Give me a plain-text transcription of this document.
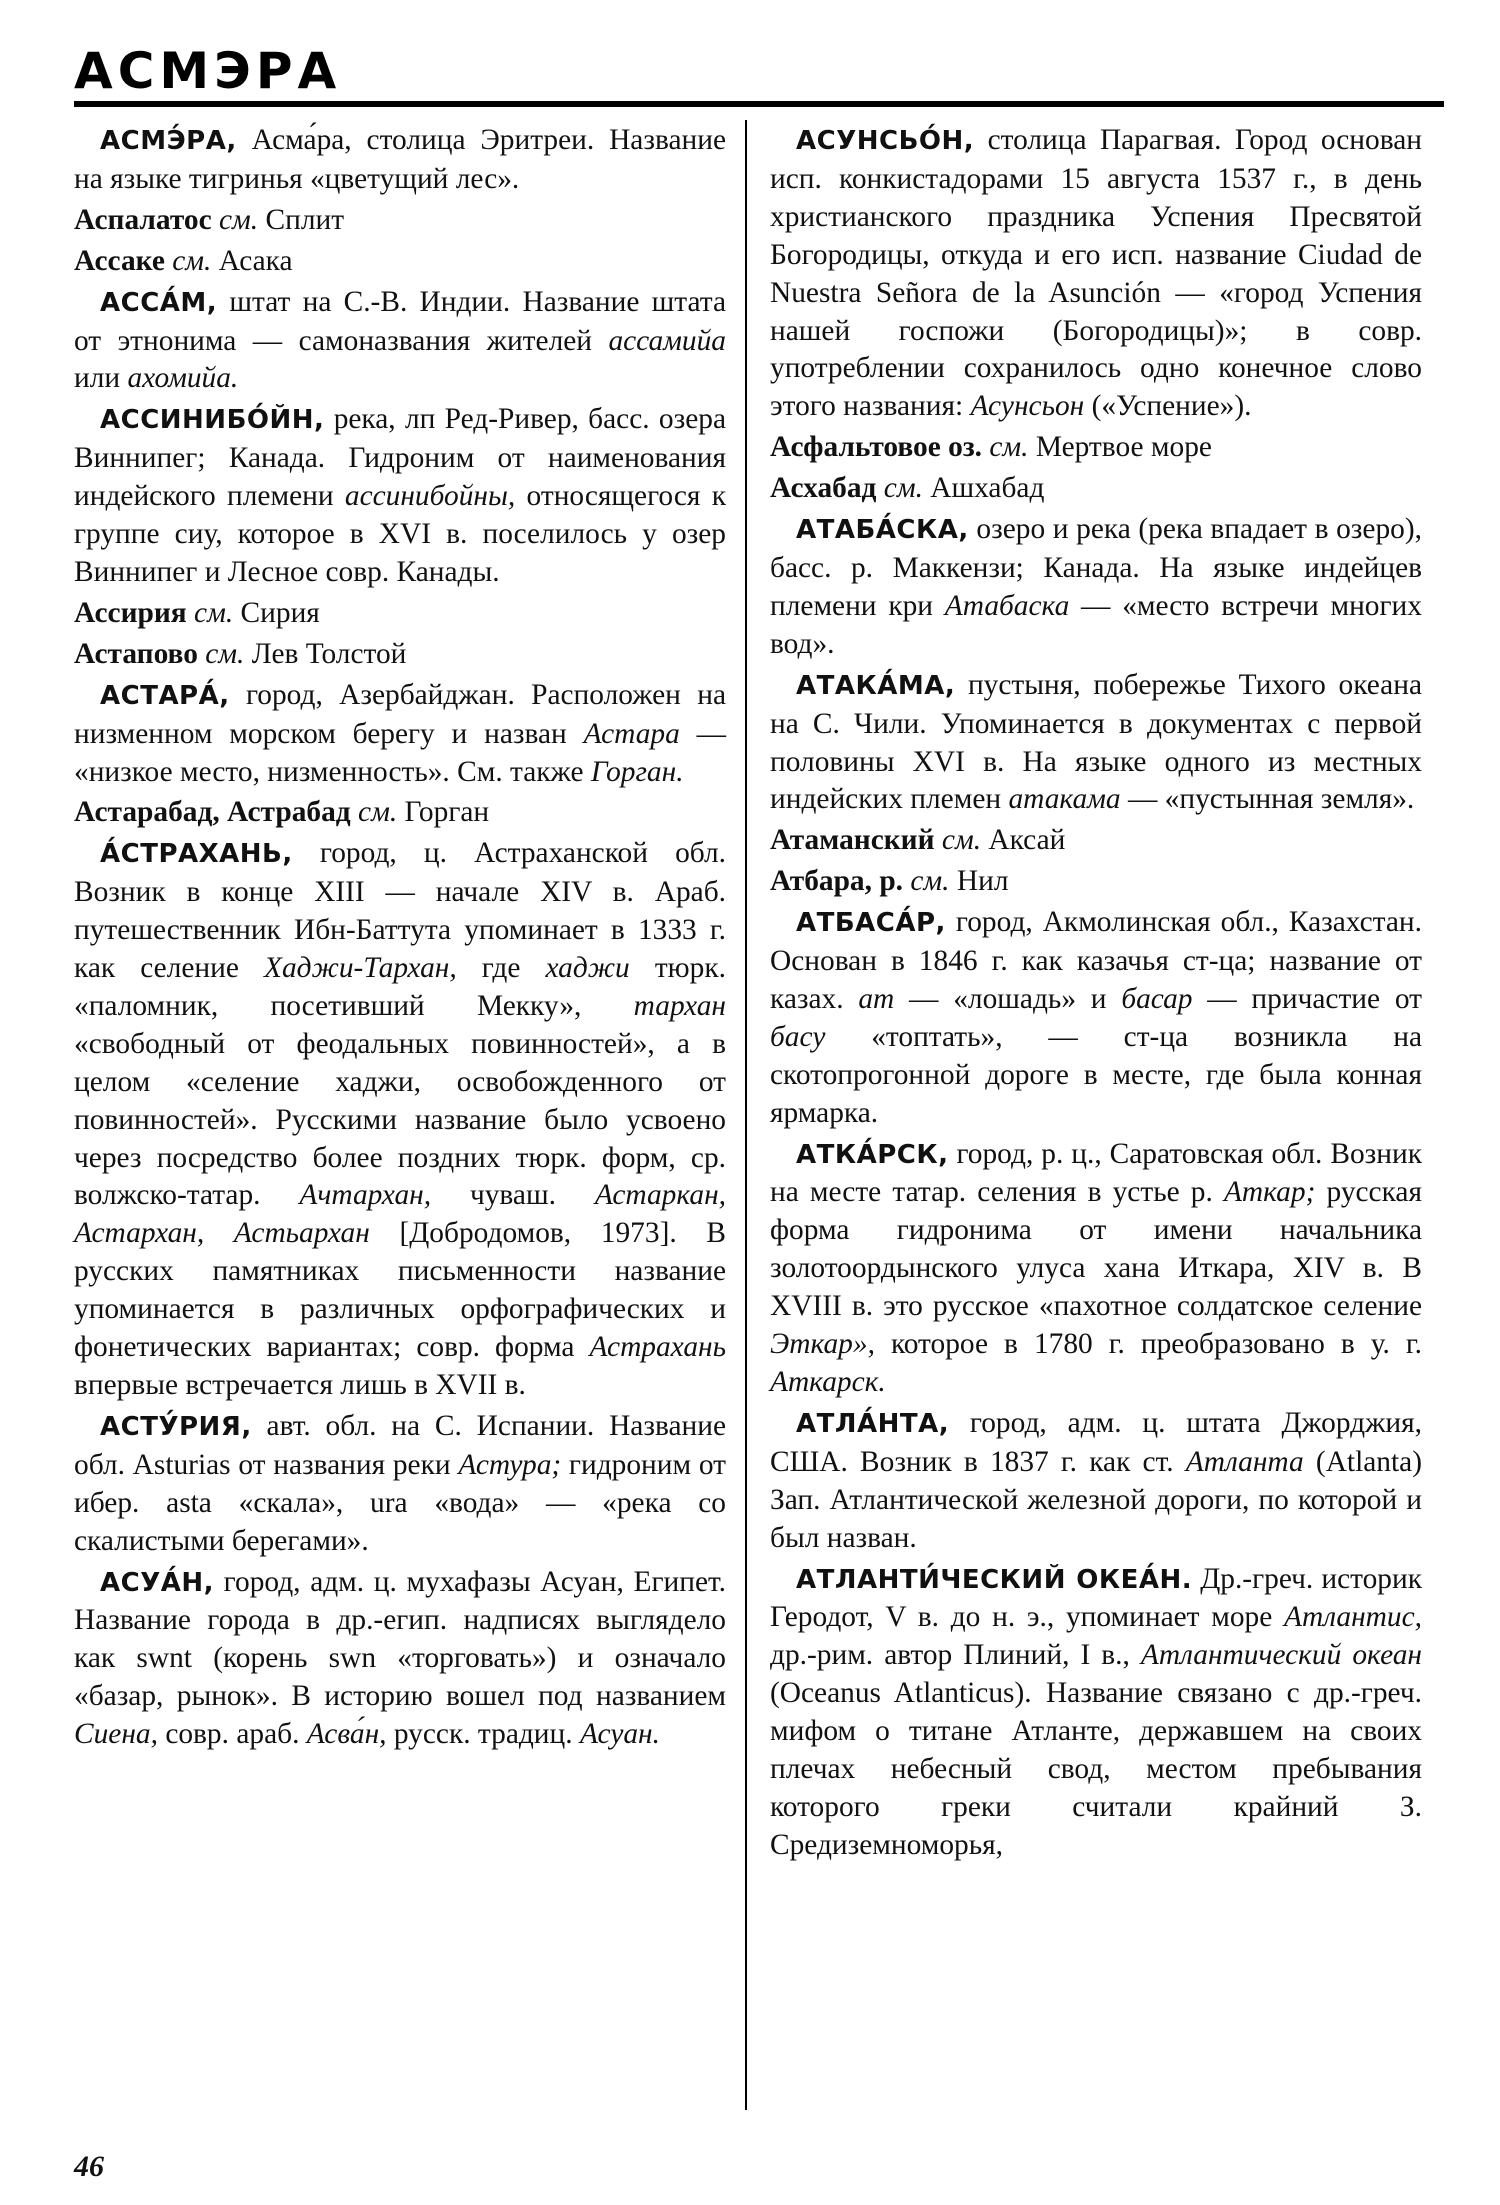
АСМЭРА

АСМЭ́РА, Асма́ра, столица Эритреи. Название на языке тигринья «цветущий лес».

Аспалатос см. Сплит

Ассаке см. Асака

АССА́М, штат на С.-В. Индии. Название штата от этнонима — самоназвания жителей ассамийа или ахомийа.

АССИНИБО́ЙН, река, лп Ред-Ривер, басс. озера Виннипег; Канада. Гидроним от наименования индейского племени ассинибойны, относящегося к группе сиу, которое в XVI в. поселилось у озер Виннипег и Лесное совр. Канады.

Ассирия см. Сирия

Астапово см. Лев Толстой

АСТАРА́, город, Азербайджан. Расположен на низменном морском берегу и назван Астара — «низкое место, низменность». См. также Горган.

Астарабад, Астрабад см. Горган

А́СТРАХАНЬ, город, ц. Астраханской обл. Возник в конце XIII — начале XIV в. Араб. путешественник Ибн-Баттута упоминает в 1333 г. как селение Хаджи-Тархан, где хаджи тюрк. «паломник, посетивший Мекку», тархан «свободный от феодальных повинностей», а в целом «селение хаджи, освобожденного от повинностей». Русскими название было усвоено через посредство более поздних тюрк. форм, ср. волжско-татар. Ачтархан, чуваш. Астаркан, Астархан, Астьархан [Добродомов, 1973]. В русских памятниках письменности название упоминается в различных орфографических и фонетических вариантах; совр. форма Астрахань впервые встречается лишь в XVII в.

АСТУ́РИЯ, авт. обл. на С. Испании. Название обл. Asturias от названия реки Астура; гидроним от ибер. asta «скала», ura «вода» — «река со скалистыми берегами».

АСУА́Н, город, адм. ц. мухафазы Асуан, Египет. Название города в др.-егип. надписях выглядело как swnt (корень swn «торговать») и означало «базар, рынок». В историю вошел под названием Сиена, совр. араб. Асва́н, русск. традиц. Асуан.

АСУНСЬО́Н, столица Парагвая. Город основан исп. конкистадорами 15 августа 1537 г., в день христианского праздника Успения Пресвятой Богородицы, откуда и его исп. название Ciudad de Nuestra Señora de la Asunción — «город Успения нашей госпожи (Богородицы)»; в совр. употреблении сохранилось одно конечное слово этого названия: Асунсьон («Успение»).

Асфальтовое оз. см. Мертвое море

Асхабад см. Ашхабад

АТАБА́СКА, озеро и река (река впадает в озеро), басс. р. Маккензи; Канада. На языке индейцев племени кри Атабаска — «место встречи многих вод».

АТАКА́МА, пустыня, побережье Тихого океана на С. Чили. Упоминается в документах с первой половины XVI в. На языке одного из местных индейских племен атакама — «пустынная земля».

Атаманский см. Аксай

Атбара, р. см. Нил

АТБАСА́Р, город, Акмолинская обл., Казахстан. Основан в 1846 г. как казачья ст-ца; название от казах. ат — «лошадь» и басар — причастие от басу «топтать», — ст-ца возникла на скотопрогонной дороге в месте, где была конная ярмарка.

АТКА́РСК, город, р. ц., Саратовская обл. Возник на месте татар. селения в устье р. Аткар; русская форма гидронима от имени начальника золотоордынского улуса хана Иткара, XIV в. В XVIII в. это русское «пахотное солдатское селение Эткар», которое в 1780 г. преобразовано в у. г. Аткарск.

АТЛА́НТА, город, адм. ц. штата Джорджия, США. Возник в 1837 г. как ст. Атланта (Atlanta) Зап. Атлантической железной дороги, по которой и был назван.

АТЛАНТИ́ЧЕСКИЙ ОКЕА́Н. Др.-греч. историк Геродот, V в. до н. э., упоминает море Атлантис, др.-рим. автор Плиний, I в., Атлантический океан (Oceanus Atlanticus). Название связано с др.-греч. мифом о титане Атланте, державшем на своих плечах небесный свод, местом пребывания которого греки считали крайний З. Средиземноморья,

46
